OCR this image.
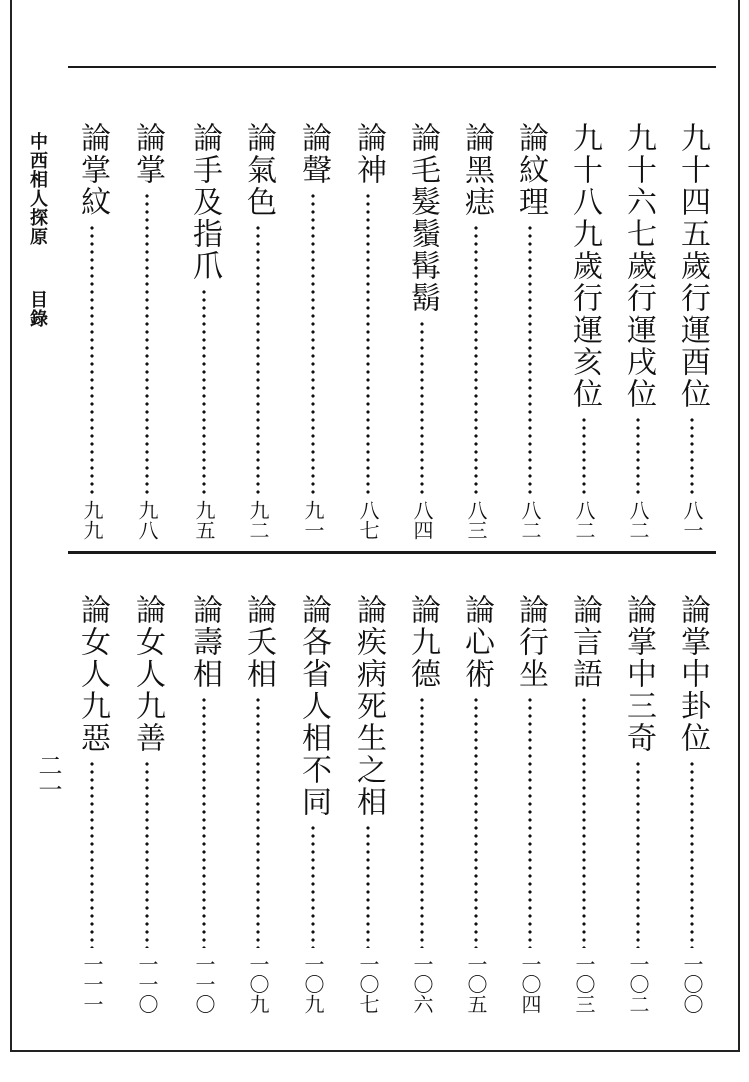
中西相人探原目錄
二一
九十四五歲行運酉位
八一
九十六七歲行運戌位
八二
九十八九歲行運亥位
八二
論紋理
八二
論黑痣
八三
論毛髮鬚髯鬍
八四
論神
八七
論聲
九一
論氣色
九二
論手及指爪
九五
論掌
九八
論掌紋
九九
論掌中卦位
一〇〇
論掌中三奇
一〇二
論言語
一〇三
論行坐
一〇四
論心術
一〇五
論九德
一〇六
論疾病死生之相
一〇七
論各省人相不同
一〇九
論夭相
一〇九
論壽相
一一〇
論女人九善
一一〇
論女人九惡
一一一
